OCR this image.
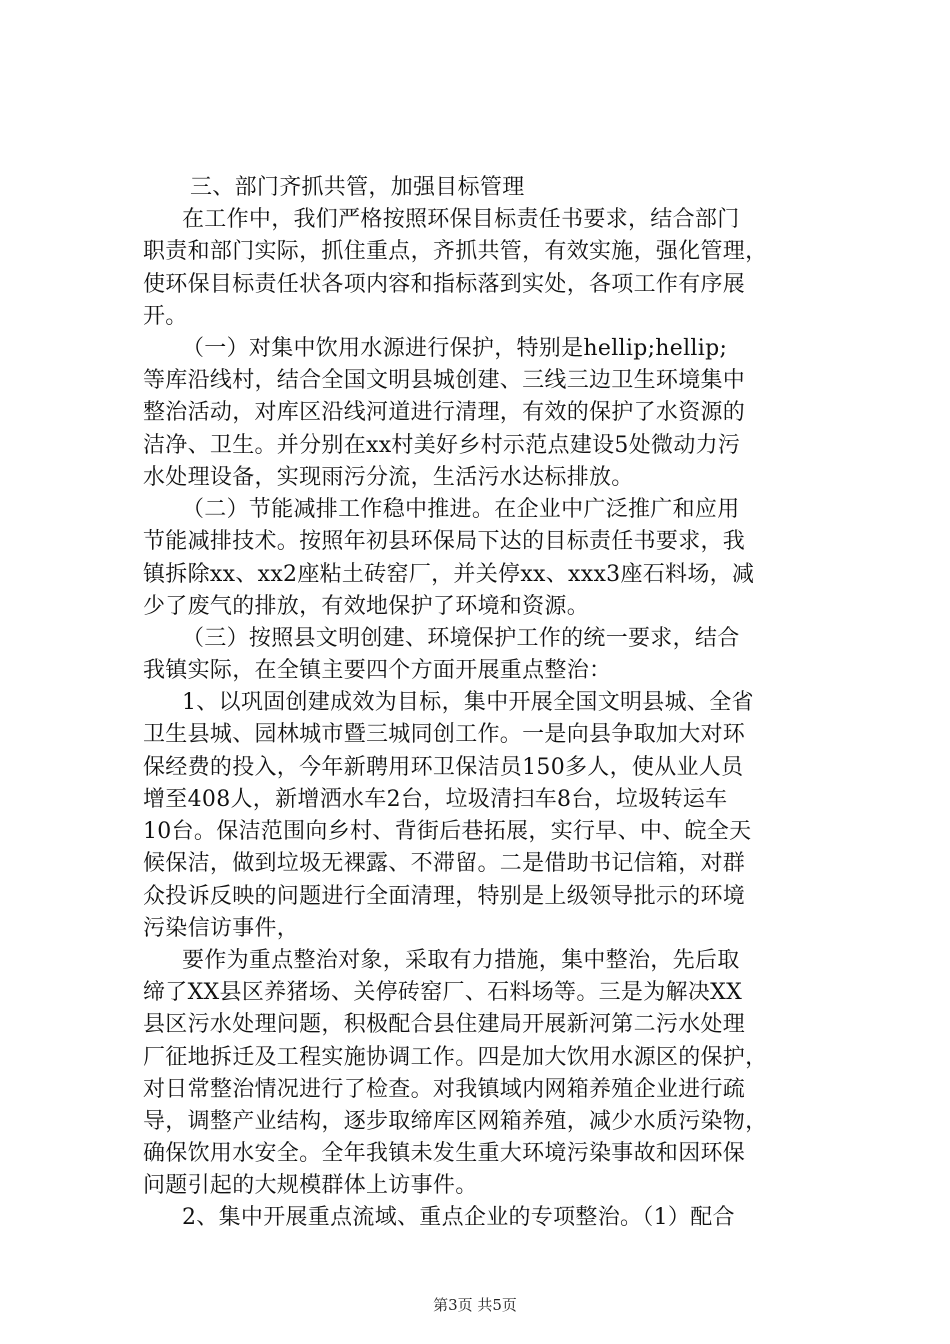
三、部门齐抓共管，加强目标管理
在工作中，我们严格按照环保目标责任书要求，结合部门
职责和部门实际，抓住重点，齐抓共管，有效实施，强化管理，
使环保目标责任状各项内容和指标落到实处，各项工作有序展
开。
（一）对集中饮用水源进行保护，特别是hellip;hellip;
等库沿线村，结合全国文明县城创建、三线三边卫生环境集中
整治活动，对库区沿线河道进行清理，有效的保护了水资源的
洁净、卫生。并分别在xx村美好乡村示范点建设5处微动力污
水处理设备，实现雨污分流，生活污水达标排放。
（二）节能减排工作稳中推进。在企业中广泛推广和应用
节能减排技术。按照年初县环保局下达的目标责任书要求，我
镇拆除xx、xx2座粘土砖窑厂，并关停xx、xxx3座石料场，减
少了废气的排放，有效地保护了环境和资源。
（三）按照县文明创建、环境保护工作的统一要求，结合
我镇实际，在全镇主要四个方面开展重点整治：
1、以巩固创建成效为目标，集中开展全国文明县城、全省
卫生县城、园林城市暨三城同创工作。一是向县争取加大对环
保经费的投入，今年新聘用环卫保洁员150多人，使从业人员
增至408人，新增洒水车2台，垃圾清扫车8台，垃圾转运车
10台。保洁范围向乡村、背街后巷拓展，实行早、中、皖全天
候保洁，做到垃圾无裸露、不滞留。二是借助书记信箱，对群
众投诉反映的问题进行全面清理，特别是上级领导批示的环境
污染信访事件，
要作为重点整治对象，采取有力措施，集中整治，先后取
缔了XX县区养猪场、关停砖窑厂、石料场等。三是为解决XX
县区污水处理问题，积极配合县住建局开展新河第二污水处理
厂征地拆迁及工程实施协调工作。四是加大饮用水源区的保护，
对日常整治情况进行了检查。对我镇域内网箱养殖企业进行疏
导，调整产业结构，逐步取缔库区网箱养殖，减少水质污染物，
确保饮用水安全。全年我镇未发生重大环境污染事故和因环保
问题引起的大规模群体上访事件。
2、集中开展重点流域、重点企业的专项整治。（1）配合
第3页 共5页
